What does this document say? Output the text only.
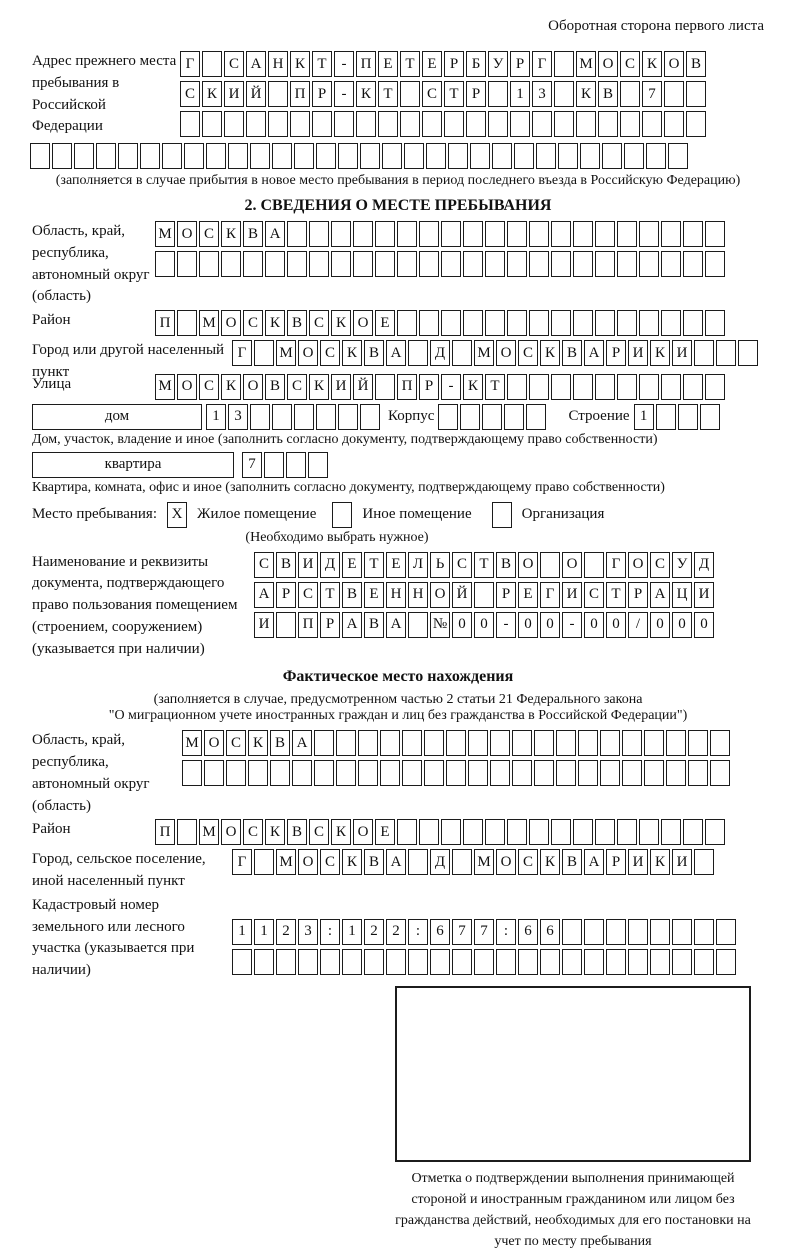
Оборотная сторона первого листа
Адрес прежнего места пребывания в Российской Федерации
Г	С А Н К Т - П Е Т Е Р Б У Р Г	М О С К О В
С К И Й	П Р	- К Т	С Т Р	1 3	К В	7
(заполняется в случае прибытия в новое место пребывания в период последнего въезда в Российскую Федерацию)
2. СВЕДЕНИЯ О МЕСТЕ ПРЕБЫВАНИЯ
Область, край, республика, автономный округ (область)
М О С К В А
Район	П	М О С К В С К О Е
Город или другой населенный пункт
Г	М О С К В А	Д	М О С К В А Р И К И
Улица	М О С К О В С К И Й	П Р	- К Т
дом	1 3	Корпус	Строение 1
Дом, участок, владение и иное (заполнить согласно документу, подтверждающему право собственности)
квартира	7
Квартира, комната, офис и иное (заполнить согласно документу, подтверждающему право собственности)
Место пребывания: X Жилое помещение	Иное помещение	Организация
(Необходимо выбрать нужное)
Наименование и реквизиты документа, подтверждающего право пользования помещением (строением, сооружением) (указывается при наличии)
С В И Д Е Т Е Л Ь С Т В О	О	Г О С У Д
А Р С Т В Е Н Н О Й	Р Е Г И С Т Р А Ц И
И	П Р А В А	№ 0 0	-	0 0	-	0 0	/	0 0 0
Фактическое место нахождения
(заполняется в случае, предусмотренном частью 2 статьи 21 Федерального закона
"О миграционном учете иностранных граждан и лиц без гражданства в Российской Федерации")
Область, край, республика, автономный округ (область)
М О С К В А
Район	П	М О С К В С К О Е
Город, сельское поселение, иной населенный пункт
Г	М О С К В А	Д	М О С К В А Р И К И
Кадастровый номер земельного или лесного участка (указывается при наличии)
1 1 2 3	:	1 2 2	:	6 7 7	:	6 6
Отметка о подтверждении выполнения принимающей стороной и иностранным гражданином или лицом без гражданства действий, необходимых для его постановки на учет по месту пребывания
